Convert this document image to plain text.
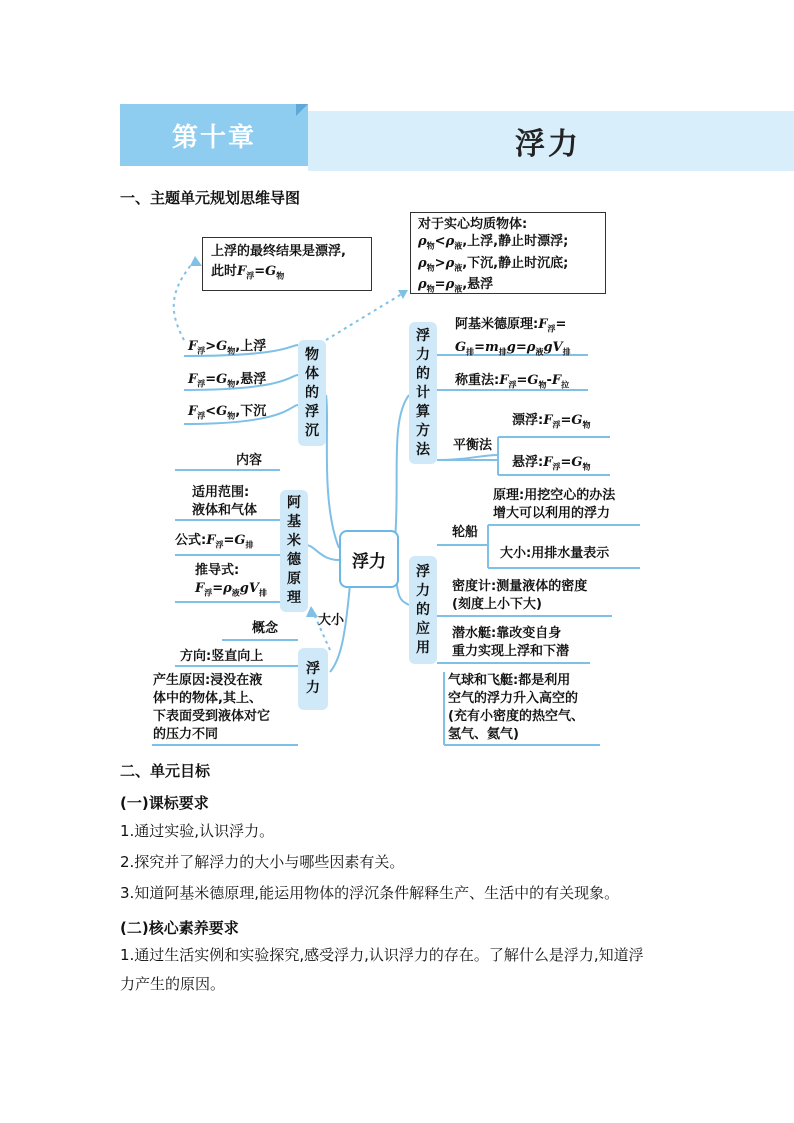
第十章	浮力
一、主题单元规划思维导图
上浮的最终结果是漂浮,
此时$F_浮=G_物$
对于实心均质物体:
$\rho_物<\rho_液$,上浮,静止时漂浮;
$\rho_物>\rho_液$,下沉,静止时沉底;
$\rho_物=\rho_液$,悬浮
浮力
物
体
的
浮
沉
$F_浮>G_物$,上浮
$F_浮=G_物$,悬浮
$F_浮<G_物$,下沉
浮
力
的
计
算
方
法
阿基米德原理$:F_浮=$
$G_排=m_排g=\rho_液gV_排$
称重法$:F_浮=G_物-F_拉$
平衡法
漂浮$:F_浮=G_物$
悬浮$:F_浮=G_物$
阿
基
米
德
原
理
内容
适用范围:
液体和气体
公式$:F_浮=G_排$
推导式:
$F_浮=\rho_液gV_排$
浮
力
大小
概念
方向:竖直向上
产生原因:浸没在液
体中的物体,其上、
下表面受到液体对它
的压力不同
浮
力
的
应
用
轮船
原理:用挖空心的办法
增大可以利用的浮力
大小:用排水量表示
密度计:测量液体的密度
(刻度上小下大)
潜水艇:靠改变自身
重力实现上浮和下潜
气球和飞艇:都是利用
空气的浮力升入高空的
(充有小密度的热空气、
氢气、氦气)
二、单元目标
(一)课标要求
1.通过实验,认识浮力。
2.探究并了解浮力的大小与哪些因素有关。
3.知道阿基米德原理,能运用物体的浮沉条件解释生产、生活中的有关现象。
(二)核心素养要求
1.通过生活实例和实验探究,感受浮力,认识浮力的存在。了解什么是浮力,知道浮
力产生的原因。
